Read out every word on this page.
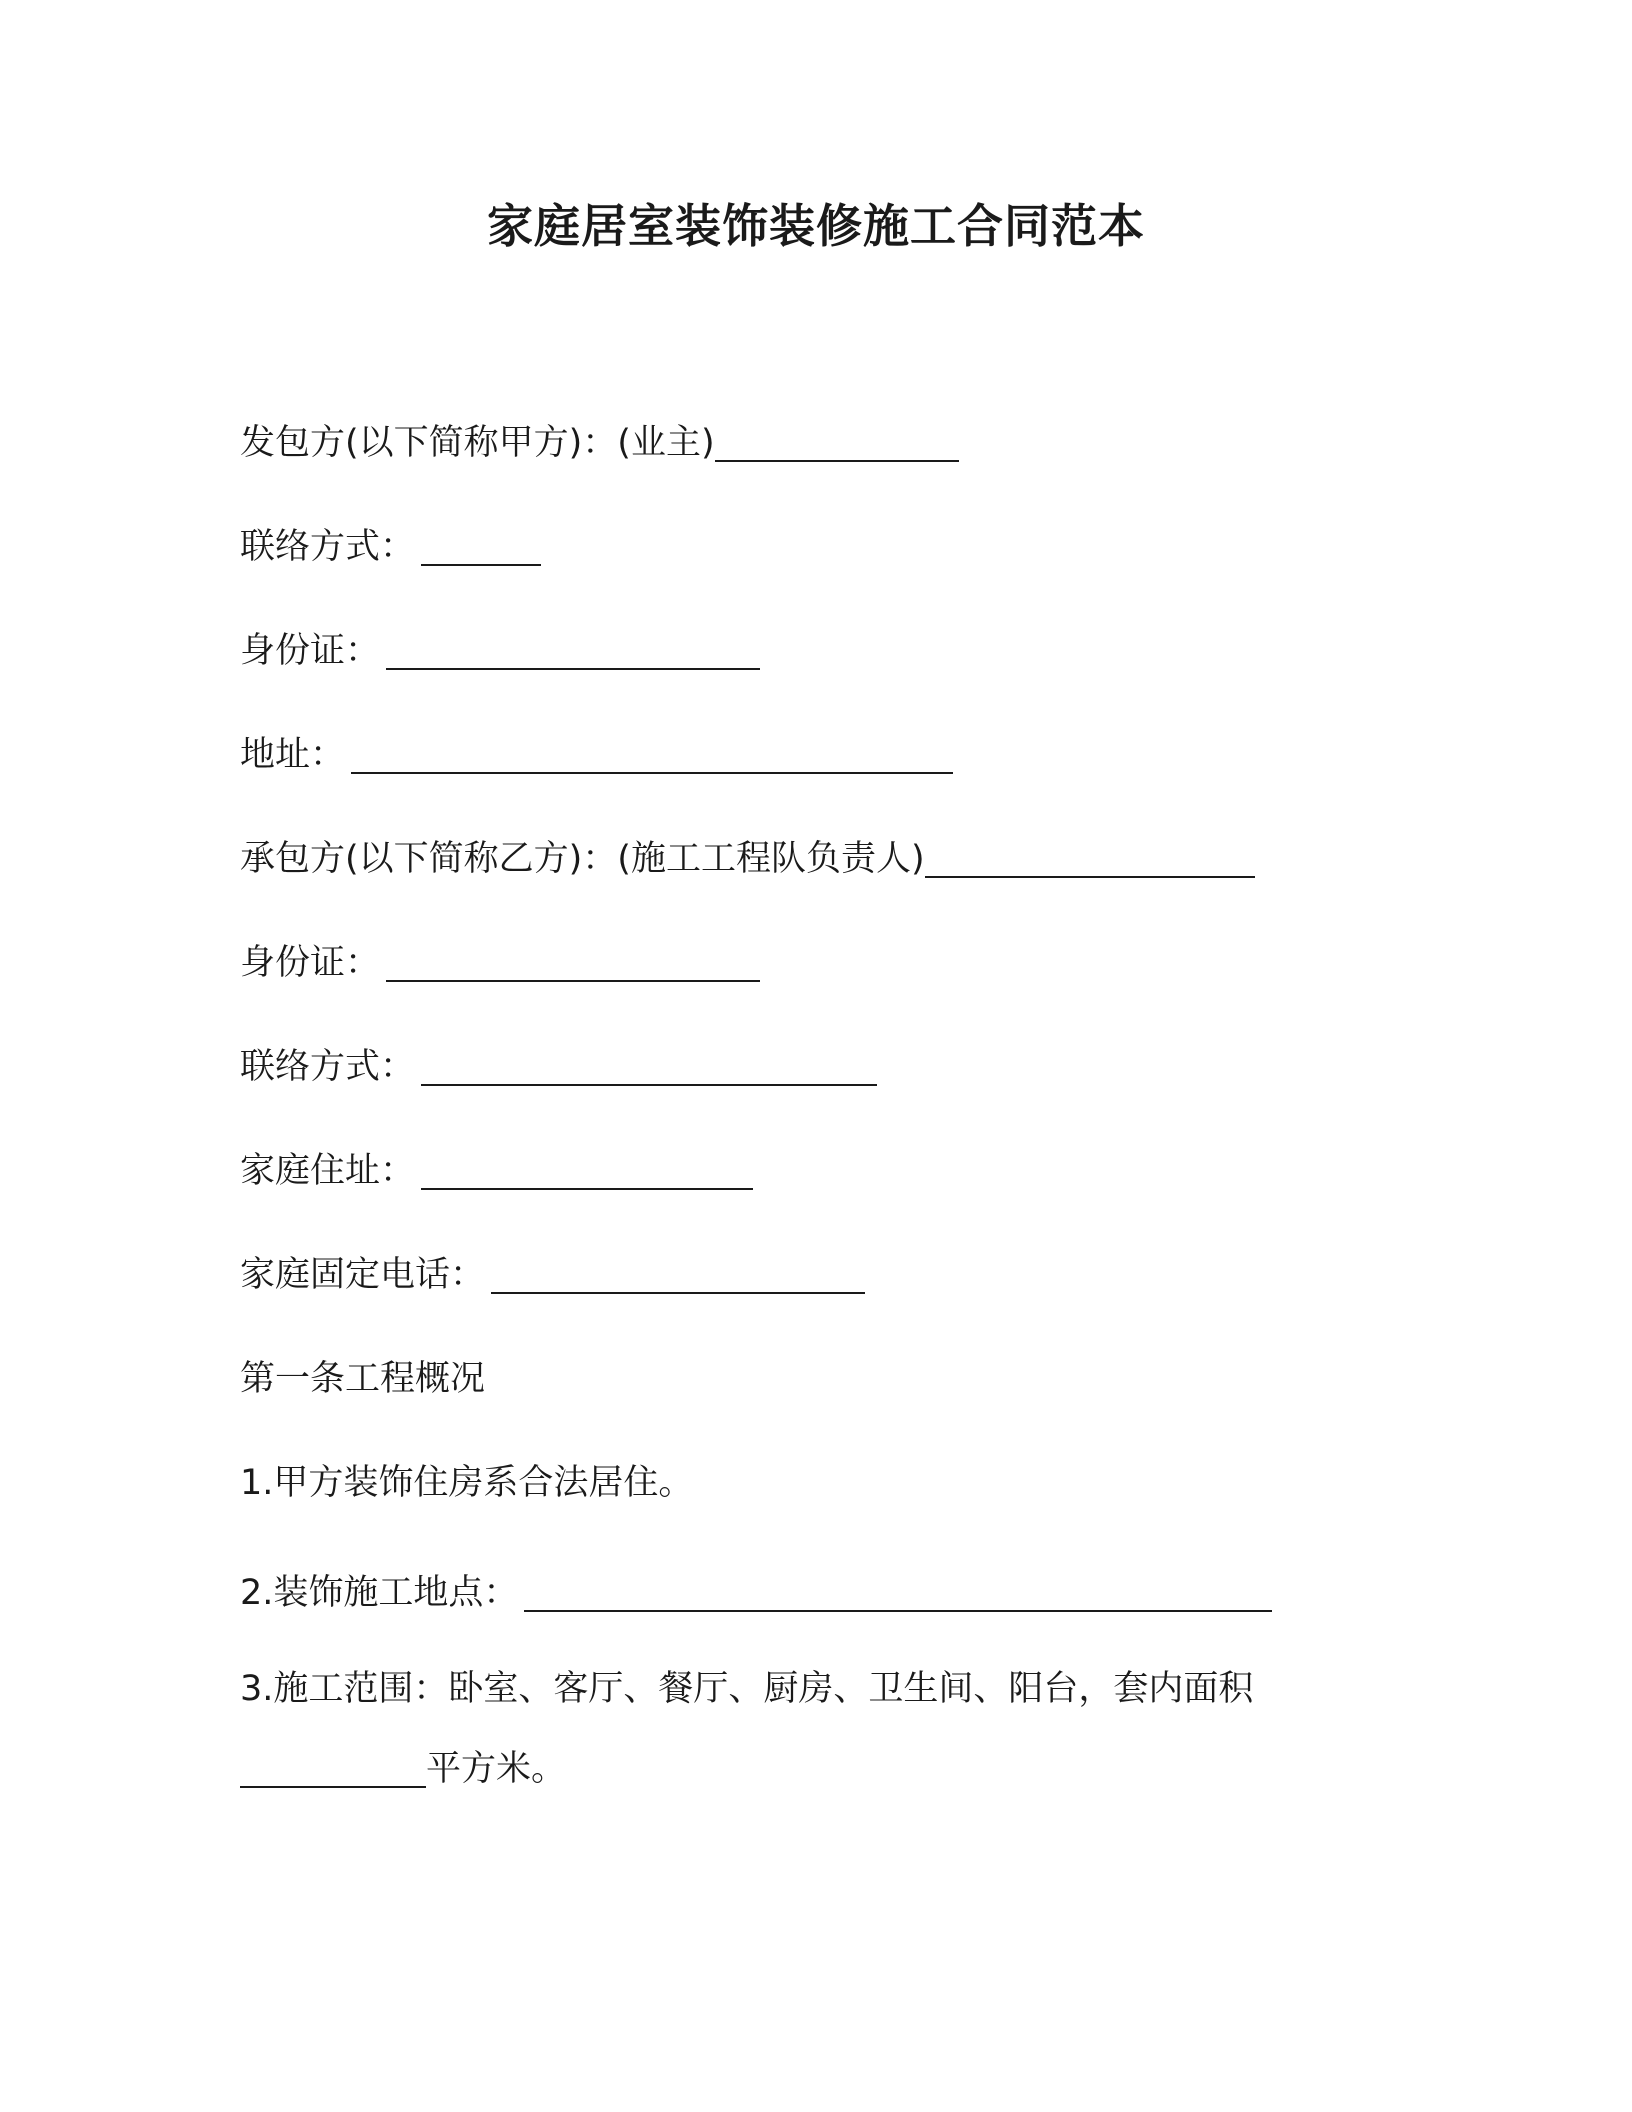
家庭居室装饰装修施工合同范本
发包方(以下简称甲方)：(业主)
联络方式：
身份证：
地址：
承包方(以下简称乙方)：(施工工程队负责人)
身份证：
联络方式：
家庭住址：
家庭固定电话：
第一条工程概况
1.甲方装饰住房系合法居住。
2.装饰施工地点：
3.施工范围：卧室、客厅、餐厅、厨房、卫生间、阳台，套内面积
平方米。
